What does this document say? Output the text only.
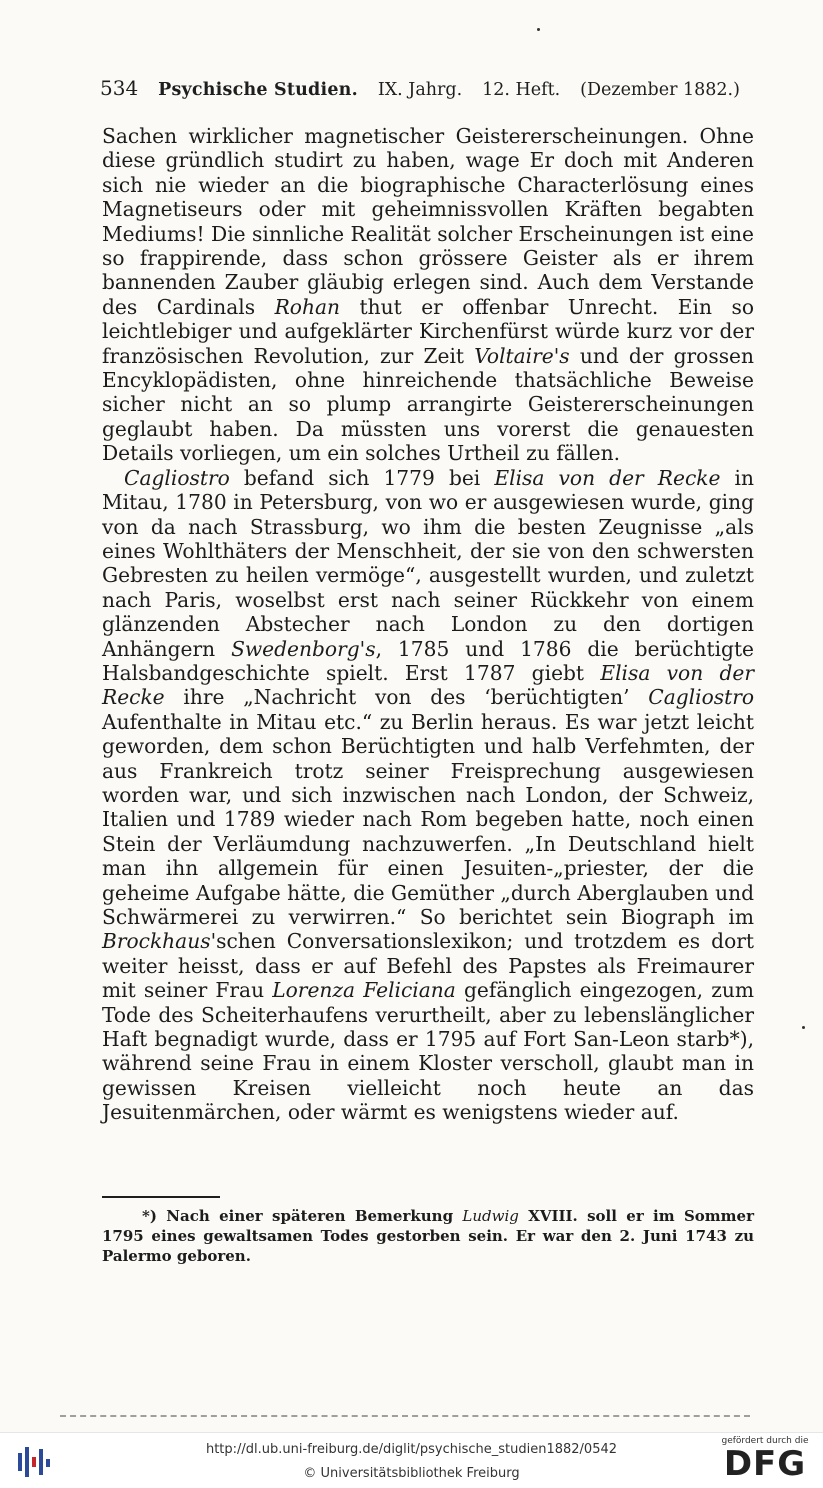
534 Psychische Studien. IX. Jahrg. 12. Heft. (Dezember 1882.)

Sachen wirklicher magnetischer Geistererscheinungen. Ohne diese gründlich studirt zu haben, wage Er doch mit Anderen sich nie wieder an die biographische Characterlösung eines Magnetiseurs oder mit geheimnissvollen Kräften begabten Mediums! Die sinnliche Realität solcher Erscheinungen ist eine so frappirende, dass schon grössere Geister als er ihrem bannenden Zauber gläubig erlegen sind. Auch dem Verstande des Cardinals Rohan thut er offenbar Unrecht. Ein so leichtlebiger und aufgeklärter Kirchenfürst würde kurz vor der französischen Revolution, zur Zeit Voltaire's und der grossen Encyklopädisten, ohne hinreichende thatsächliche Beweise sicher nicht an so plump arrangirte Geistererscheinungen geglaubt haben. Da müssten uns vorerst die genauesten Details vorliegen, um ein solches Urtheil zu fällen.

Cagliostro befand sich 1779 bei Elisa von der Recke in Mitau, 1780 in Petersburg, von wo er ausgewiesen wurde, ging von da nach Strassburg, wo ihm die besten Zeugnisse „als eines Wohlthäters der Menschheit, der sie von den schwersten Gebresten zu heilen vermöge“, ausgestellt wurden, und zuletzt nach Paris, woselbst erst nach seiner Rückkehr von einem glänzenden Abstecher nach London zu den dortigen Anhängern Swedenborg's, 1785 und 1786 die berüchtigte Halsbandgeschichte spielt. Erst 1787 giebt Elisa von der Recke ihre „Nachricht von des ‘berüchtigten’ Cagliostro Aufenthalte in Mitau etc.“ zu Berlin heraus. Es war jetzt leicht geworden, dem schon Berüchtigten und halb Verfehmten, der aus Frankreich trotz seiner Freisprechung ausgewiesen worden war, und sich inzwischen nach London, der Schweiz, Italien und 1789 wieder nach Rom begeben hatte, noch einen Stein der Verläumdung nachzuwerfen. „In Deutschland hielt man ihn allgemein für einen Jesuiten-„priester, der die geheime Aufgabe hätte, die Gemüther „durch Aberglauben und Schwärmerei zu verwirren.“ So berichtet sein Biograph im Brockhaus'schen Conversationslexikon; und trotzdem es dort weiter heisst, dass er auf Befehl des Papstes als Freimaurer mit seiner Frau Lorenza Feliciana gefänglich eingezogen, zum Tode des Scheiterhaufens verurtheilt, aber zu lebenslänglicher Haft begnadigt wurde, dass er 1795 auf Fort San-Leon starb*), während seine Frau in einem Kloster verscholl, glaubt man in gewissen Kreisen vielleicht noch heute an das Jesuitenmärchen, oder wärmt es wenigstens wieder auf.

*) Nach einer späteren Bemerkung Ludwig XVIII. soll er im Sommer 1795 eines gewaltsamen Todes gestorben sein. Er war den 2. Juni 1743 zu Palermo geboren.

http://dl.ub.uni-freiburg.de/diglit/psychische_studien1882/0542
© Universitätsbibliothek Freiburg
gefördert durch die
DFG
